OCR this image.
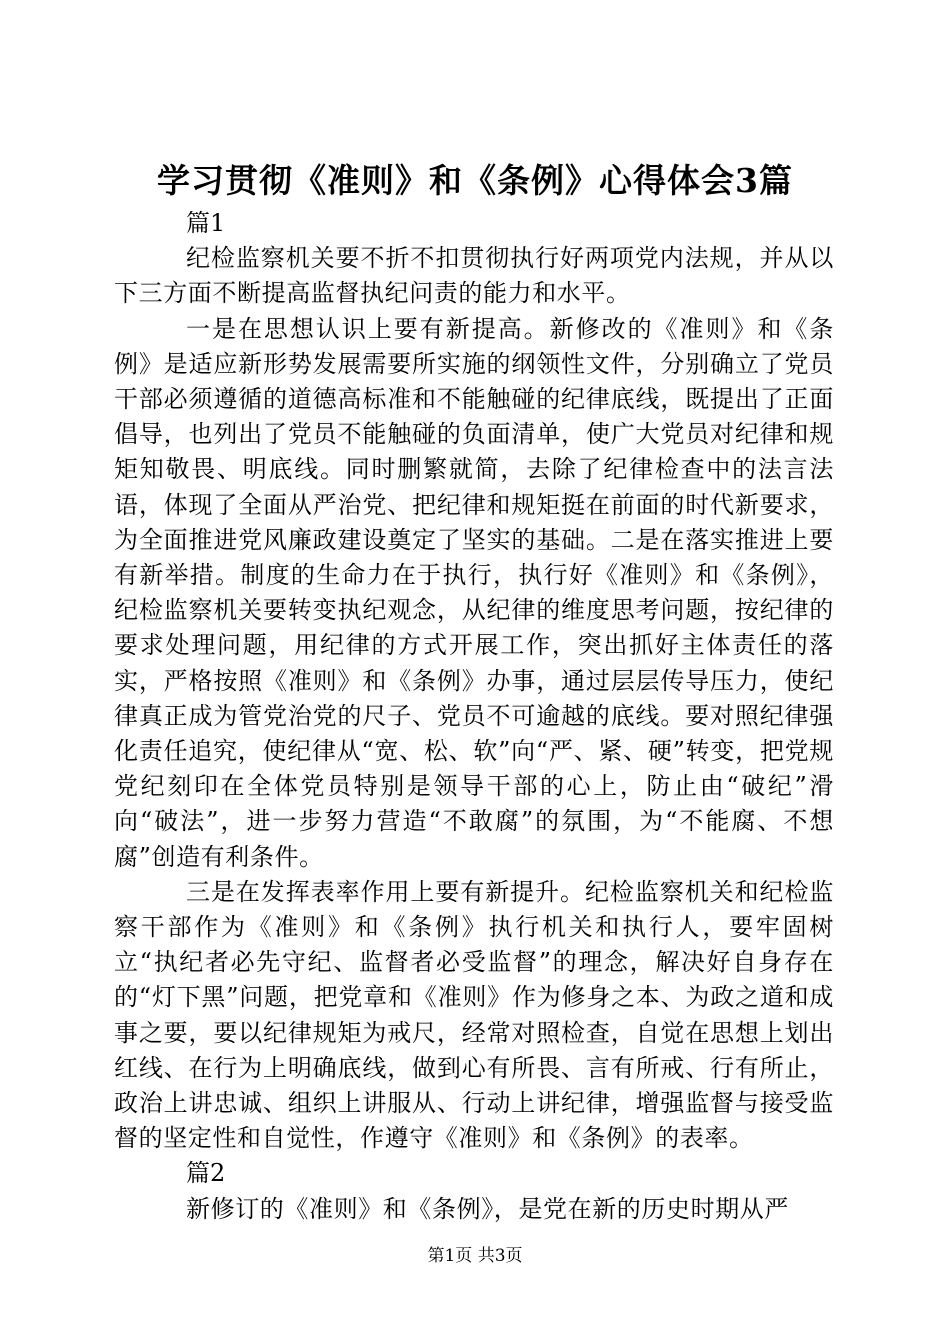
学习贯彻《准则》和《条例》心得体会3篇

篇1

纪检监察机关要不折不扣贯彻执行好两项党内法规，并从以下三方面不断提高监督执纪问责的能力和水平。

一是在思想认识上要有新提高。新修改的《准则》和《条例》是适应新形势发展需要所实施的纲领性文件，分别确立了党员干部必须遵循的道德高标准和不能触碰的纪律底线，既提出了正面倡导，也列出了党员不能触碰的负面清单，使广大党员对纪律和规矩知敬畏、明底线。同时删繁就简，去除了纪律检查中的法言法语，体现了全面从严治党、把纪律和规矩挺在前面的时代新要求，为全面推进党风廉政建设奠定了坚实的基础。二是在落实推进上要有新举措。制度的生命力在于执行，执行好《准则》和《条例》，纪检监察机关要转变执纪观念，从纪律的维度思考问题，按纪律的要求处理问题，用纪律的方式开展工作，突出抓好主体责任的落实，严格按照《准则》和《条例》办事，通过层层传导压力，使纪律真正成为管党治党的尺子、党员不可逾越的底线。要对照纪律强化责任追究，使纪律从“宽、松、软”向“严、紧、硬”转变，把党规党纪刻印在全体党员特别是领导干部的心上，防止由“破纪”滑向“破法”，进一步努力营造“不敢腐”的氛围，为“不能腐、不想腐”创造有利条件。

三是在发挥表率作用上要有新提升。纪检监察机关和纪检监察干部作为《准则》和《条例》执行机关和执行人，要牢固树立“执纪者必先守纪、监督者必受监督”的理念，解决好自身存在的“灯下黑”问题，把党章和《准则》作为修身之本、为政之道和成事之要，要以纪律规矩为戒尺，经常对照检查，自觉在思想上划出红线、在行为上明确底线，做到心有所畏、言有所戒、行有所止，政治上讲忠诚、组织上讲服从、行动上讲纪律，增强监督与接受监督的坚定性和自觉性，作遵守《准则》和《条例》的表率。

篇2

新修订的《准则》和《条例》，是党在新的历史时期从严

第1页 共3页
